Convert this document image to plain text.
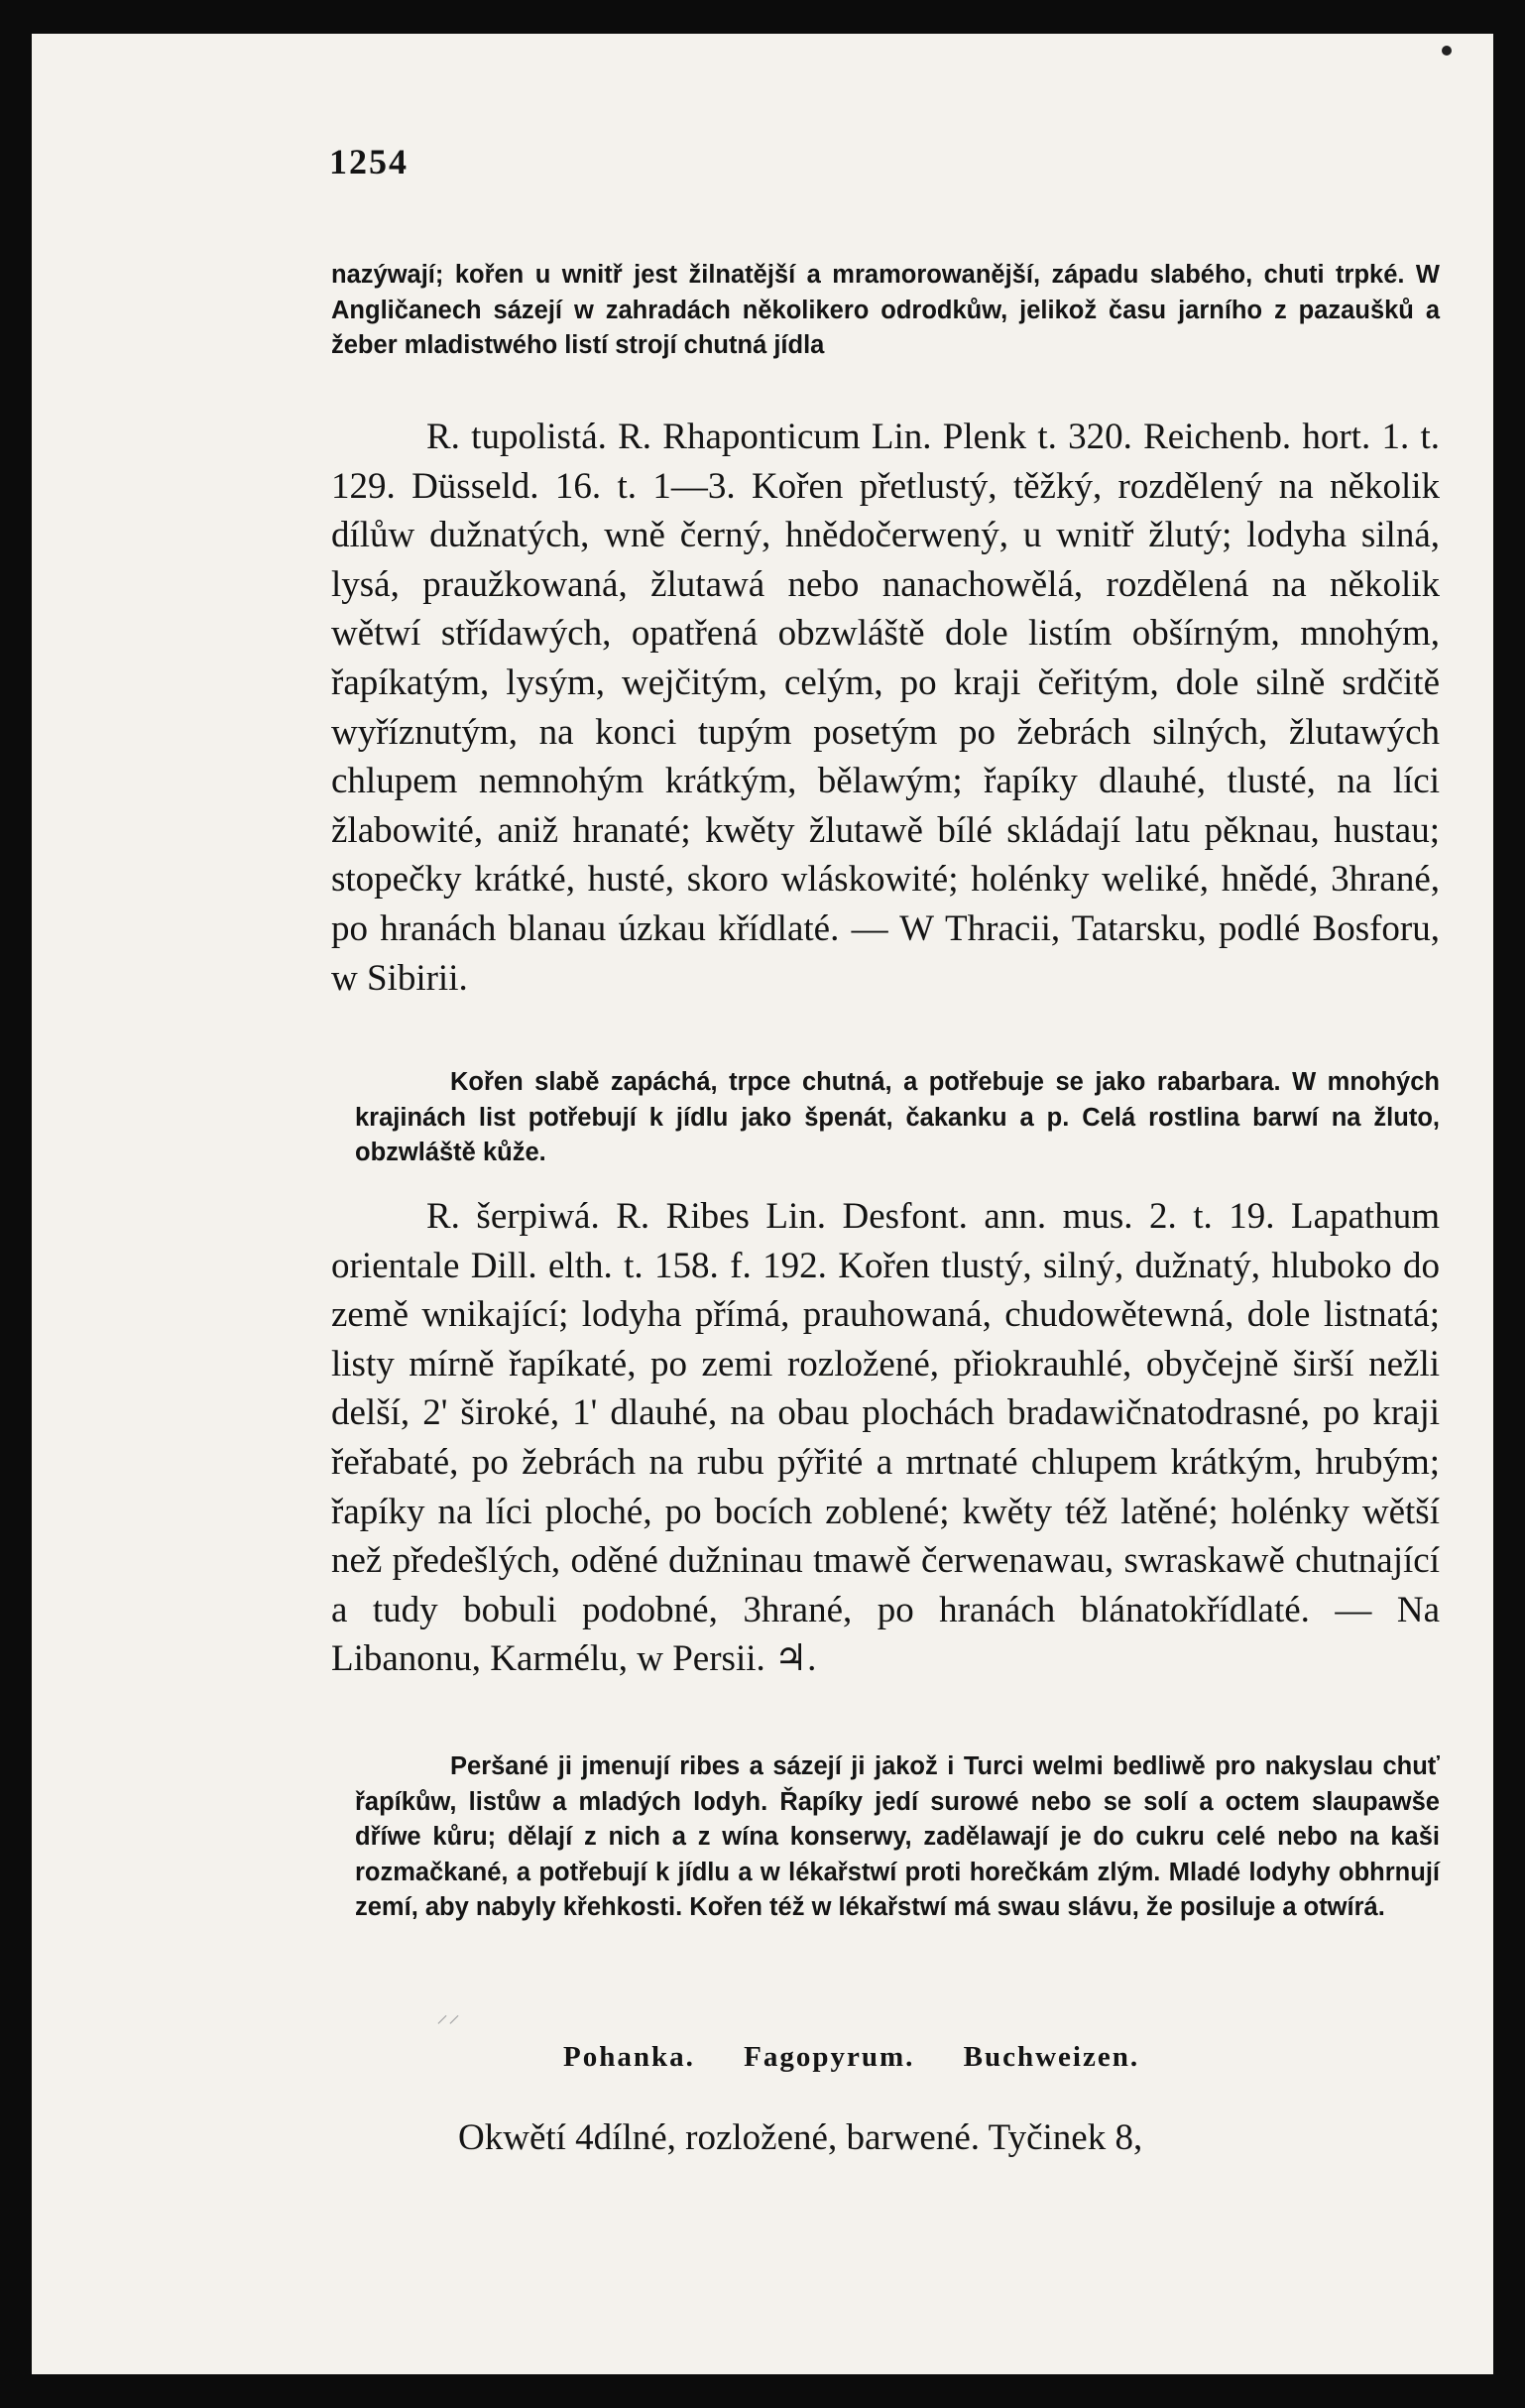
1254

nazýwají; kořen u wnitř jest žilnatější a mramorowanější, západu slabého, chuti trpké. W Angličanech sázejí w zahradách několikero odrodkůw, jelikož času jarního z pazaušků a žeber mladistwého listí strojí chutná jídla

R. tupolistá. R. Rhaponticum Lin. Plenk t. 320. Reichenb. hort. 1. t. 129. Düsseld. 16. t. 1—3. Kořen přetlustý, těžký, rozdělený na několik dílůw dužnatých, wně černý, hnědočerwený, u wnitř žlutý; lodyha silná, lysá, praužkowaná, žlutawá nebo nanachowělá, rozdělená na několik wětwí střídawých, opatřená obzwláště dole listím obšírným, mnohým, řapíkatým, lysým, wejčitým, celým, po kraji čeřitým, dole silně srdčitě wyříznutým, na konci tupým posetým po žebrách silných, žlutawých chlupem nemnohým krátkým, bělawým; řapíky dlauhé, tlusté, na líci žlabowité, aniž hranaté; kwěty žlutawě bílé skládají latu pěknau, hustau; stopečky krátké, husté, skoro wláskowité; holénky weliké, hnědé, 3hrané, po hranách blanau úzkau křídlaté. — W Thracii, Tatarsku, podlé Bosforu, w Sibirii.

Kořen slabě zapáchá, trpce chutná, a potřebuje se jako rabarbara. W mnohých krajinách list potřebují k jídlu jako špenát, čakanku a p. Celá rostlina barwí na žluto, obzwláště kůže.

R. šerpiwá. R. Ribes Lin. Desfont. ann. mus. 2. t. 19. Lapathum orientale Dill. elth. t. 158. f. 192. Kořen tlustý, silný, dužnatý, hluboko do země wnikající; lodyha přímá, prauhowaná, chudowětewná, dole listnatá; listy mírně řapíkaté, po zemi rozložené, přiokrauhlé, obyčejně širší nežli delší, 2' široké, 1' dlauhé, na obau plochách bradawičnatodrasné, po kraji řeřabaté, po žebrách na rubu pýřité a mrtnaté chlupem krátkým, hrubým; řapíky na líci ploché, po bocích zoblené; kwěty též latěné; holénky wětší než předešlých, oděné dužninau tmawě čerwenawau, swraskawě chutnající a tudy bobuli podobné, 3hrané, po hranách blánatokřídlaté. — Na Libanonu, Karmélu, w Persii. ♃.

Peršané ji jmenují ribes a sázejí ji jakož i Turci welmi bedliwě pro nakyslau chuť řapíkůw, listůw a mladých lodyh. Řapíky jedí surowé nebo se solí a octem slaupawše dříwe kůru; dělají z nich a z wína konserwy, zadělawají je do cukru celé nebo na kaši rozmačkané, a potřebují k jídlu a w lékařstwí proti horečkám zlým. Mladé lodyhy obhrnují zemí, aby nabyly křehkosti. Kořen též w lékařstwí má swau slávu, že posiluje a otwírá.

⸍⸍
Pohanka. Fagopyrum. Buchweizen.
Okwětí 4dílné, rozložené, barwené. Tyčinek 8,
